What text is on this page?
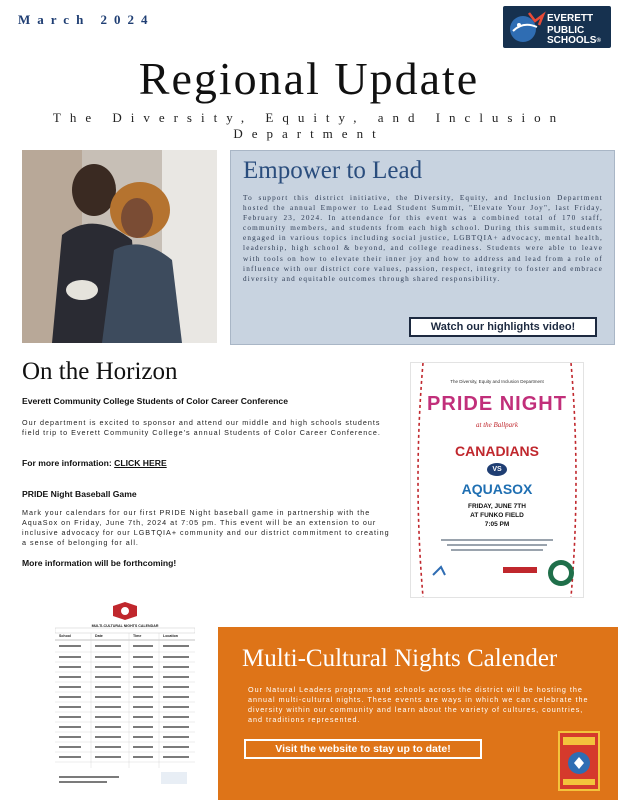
March 2024	EVERETT
PUBLIC SCHOOLS®
Regional Update
The Diversity, Equity, and Inclusion Department
Empower to Lead
To support this district initiative, the Diversity, Equity, and Inclusion Department hosted the annual Empower to Lead Student Summit, "Elevate Your Joy", last Friday, February 23, 2024. In attendance for this event was a combined total of 170 staff, community members, and students from each high school. During this summit, students engaged in various topics including social justice, LGBTQIA+ advocacy, mental health, leadership, high school & beyond, and college readiness. Students were able to leave with tools on how to elevate their inner joy and how to address and lead from a role of influence with our district core values, passion, respect, integrity to foster and embrace diversity and equitable outcomes through shared responsibility.
Watch our highlights video!
On the Horizon
Everett Community College Students of Color Career Conference
Our department is excited to sponsor and attend our middle and high schools students field trip to Everett Community College's annual Students of Color Career Conference.
For more information: CLICK HERE
PRIDE Night Baseball Game
Mark your calendars for our first PRIDE Night baseball game in partnership with the AquaSox on Friday, June 7th, 2024 at 7:05 pm. This event will be an extension to our inclusive advocacy for our LGBTQIA+ community and our district commitment to creating a sense of belonging for all.
More information will be forthcoming!
The Diversity, Equity and Inclusion Department
PRIDE NIGHT
at the Ballpark
CANADIANS
VS
AQUASOX
FRIDAY, JUNE 7TH
AT FUNKO FIELD
7:05 PM
MULTI-CULTURAL NIGHTS CALENDAR
School	Date	Time	Location
Multi-Cultural Nights Calender
Our Natural Leaders programs and schools across the district will be hosting the annual multi-cultural nights. These events are ways in which we can celebrate the diversity within our community and learn about the variety of cultures, countries, and traditions represented.
Visit the website to stay up to date!
